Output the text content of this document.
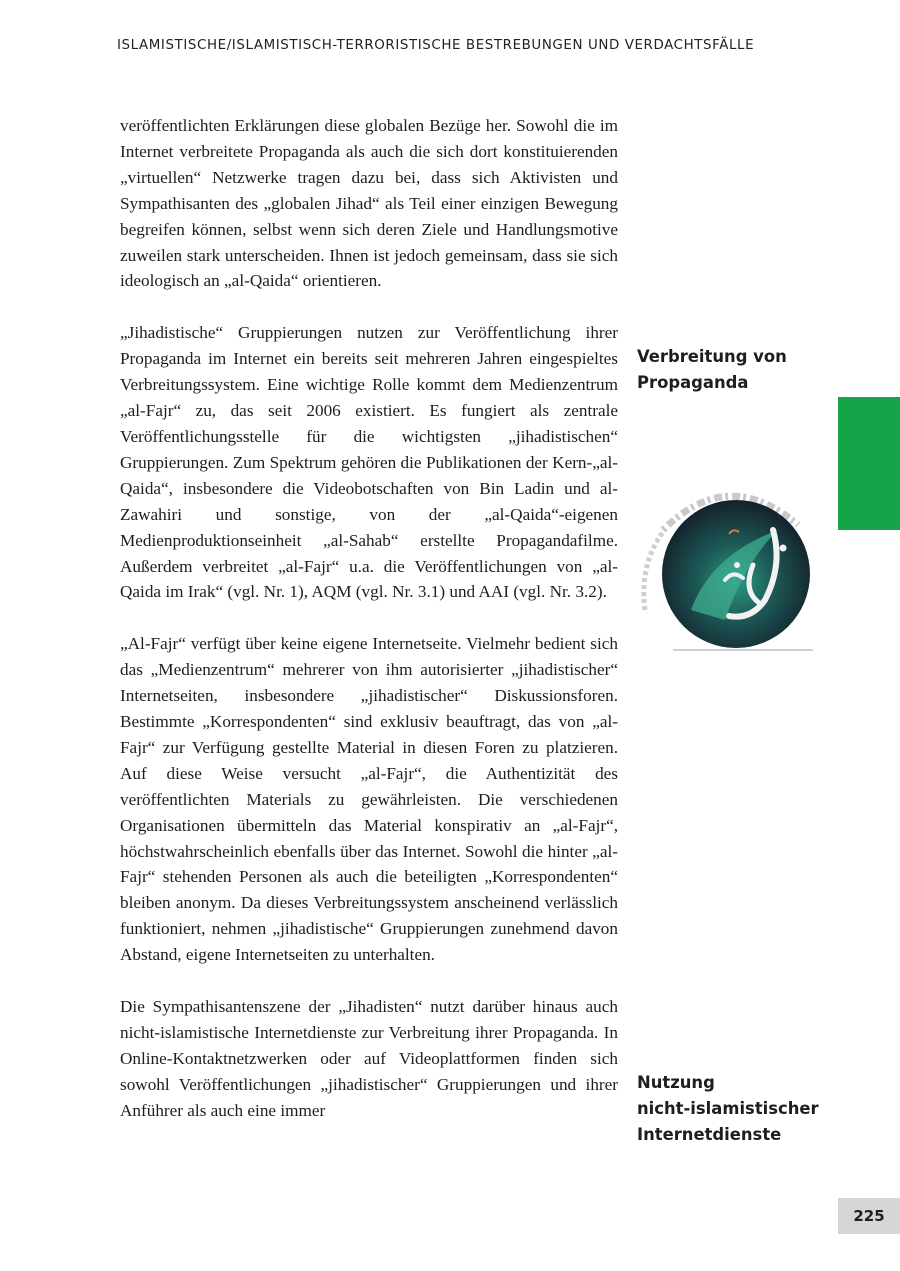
ISLAMISTISCHE/ISLAMISTISCH-TERRORISTISCHE BESTREBUNGEN UND VERDACHTSFÄLLE

veröffentlichten Erklärungen diese globalen Bezüge her. Sowohl die im Internet verbreitete Propaganda als auch die sich dort konstituierenden „virtuellen“ Netzwerke tragen dazu bei, dass sich Aktivisten und Sympathisanten des „globalen Jihad“ als Teil einer einzigen Bewegung begreifen können, selbst wenn sich deren Ziele und Handlungsmotive zuweilen stark unterscheiden. Ihnen ist jedoch gemeinsam, dass sie sich ideologisch an „al-Qaida“ orientieren.

„Jihadistische“ Gruppierungen nutzen zur Veröffentlichung ihrer Propaganda im Internet ein bereits seit mehreren Jahren eingespieltes Verbreitungssystem. Eine wichtige Rolle kommt dem Medienzentrum „al-Fajr“ zu, das seit 2006 existiert. Es fungiert als zentrale Veröffentlichungsstelle für die wichtigsten „jihadistischen“ Gruppierungen. Zum Spektrum gehören die Publikationen der Kern-„al-Qaida“, insbesondere die Videobotschaften von Bin Ladin und al-Zawahiri und sonstige, von der „al-Qaida“-eigenen Medienproduktionseinheit „al-Sahab“ erstellte Propagandafilme. Außerdem verbreitet „al-Fajr“ u.a. die Veröffentlichungen von „al-Qaida im Irak“ (vgl. Nr. 1), AQM (vgl. Nr. 3.1) und AAI (vgl. Nr. 3.2).

„Al-Fajr“ verfügt über keine eigene Internetseite. Vielmehr bedient sich das „Medienzentrum“ mehrerer von ihm autorisierter „jihadistischer“ Internetseiten, insbesondere „jihadistischer“ Diskussionsforen. Bestimmte „Korrespondenten“ sind exklusiv beauftragt, das von „al-Fajr“ zur Verfügung gestellte Material in diesen Foren zu platzieren. Auf diese Weise versucht „al-Fajr“, die Authentizität des veröffentlichten Materials zu gewährleisten. Die verschiedenen Organisationen übermitteln das Material konspirativ an „al-Fajr“, höchstwahrscheinlich ebenfalls über das Internet. Sowohl die hinter „al-Fajr“ stehenden Personen als auch die beteiligten „Korrespondenten“ bleiben anonym. Da dieses Verbreitungssystem anscheinend verlässlich funktioniert, nehmen „jihadistische“ Gruppierungen zunehmend davon Abstand, eigene Internetseiten zu unterhalten.

Die Sympathisantenszene der „Jihadisten“ nutzt darüber hinaus auch nicht-islamistische Internetdienste zur Verbreitung ihrer Propaganda. In Online-Kontaktnetzwerken oder auf Videoplattformen finden sich sowohl Veröffentlichungen „jihadistischer“ Gruppierungen und ihrer Anführer als auch eine immer

Verbreitung von
Propaganda
Nutzung
nicht-islamistischer
Internetdienste
225
